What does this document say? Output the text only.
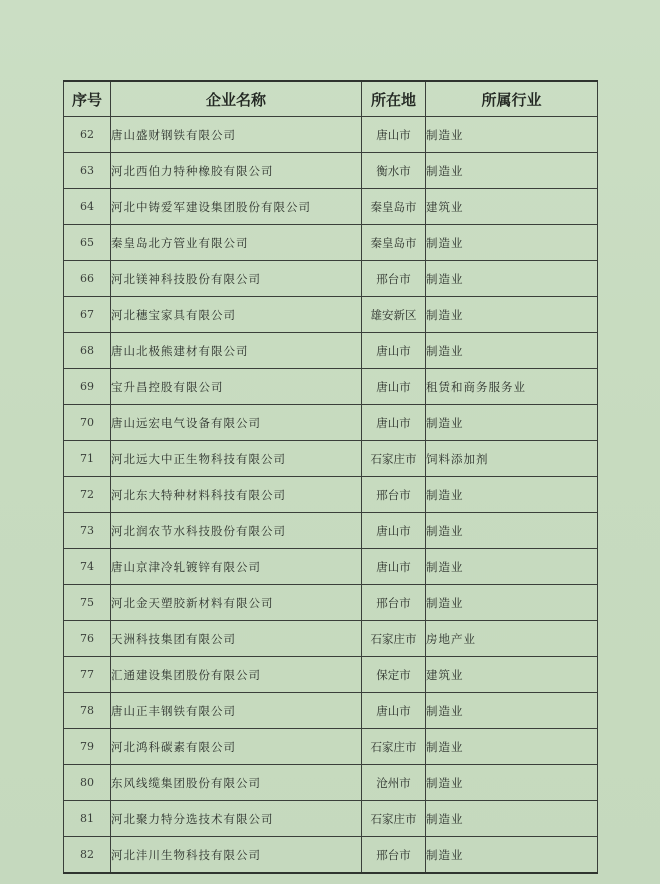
序号	企业名称	所在地	所属行业
62	唐山盛财钢铁有限公司	唐山市	制造业
63	河北西伯力特种橡胶有限公司	衡水市	制造业
64	河北中铸爱军建设集团股份有限公司	秦皇岛市	建筑业
65	秦皇岛北方管业有限公司	秦皇岛市	制造业
66	河北镁神科技股份有限公司	邢台市	制造业
67	河北穗宝家具有限公司	雄安新区	制造业
68	唐山北极熊建材有限公司	唐山市	制造业
69	宝升昌控股有限公司	唐山市	租赁和商务服务业
70	唐山远宏电气设备有限公司	唐山市	制造业
71	河北远大中正生物科技有限公司	石家庄市	饲料添加剂
72	河北东大特种材料科技有限公司	邢台市	制造业
73	河北润农节水科技股份有限公司	唐山市	制造业
74	唐山京津冷轧镀锌有限公司	唐山市	制造业
75	河北金天塑胶新材料有限公司	邢台市	制造业
76	天洲科技集团有限公司	石家庄市	房地产业
77	汇通建设集团股份有限公司	保定市	建筑业
78	唐山正丰钢铁有限公司	唐山市	制造业
79	河北鸿科碳素有限公司	石家庄市	制造业
80	东风线缆集团股份有限公司	沧州市	制造业
81	河北聚力特分选技术有限公司	石家庄市	制造业
82	河北沣川生物科技有限公司	邢台市	制造业
